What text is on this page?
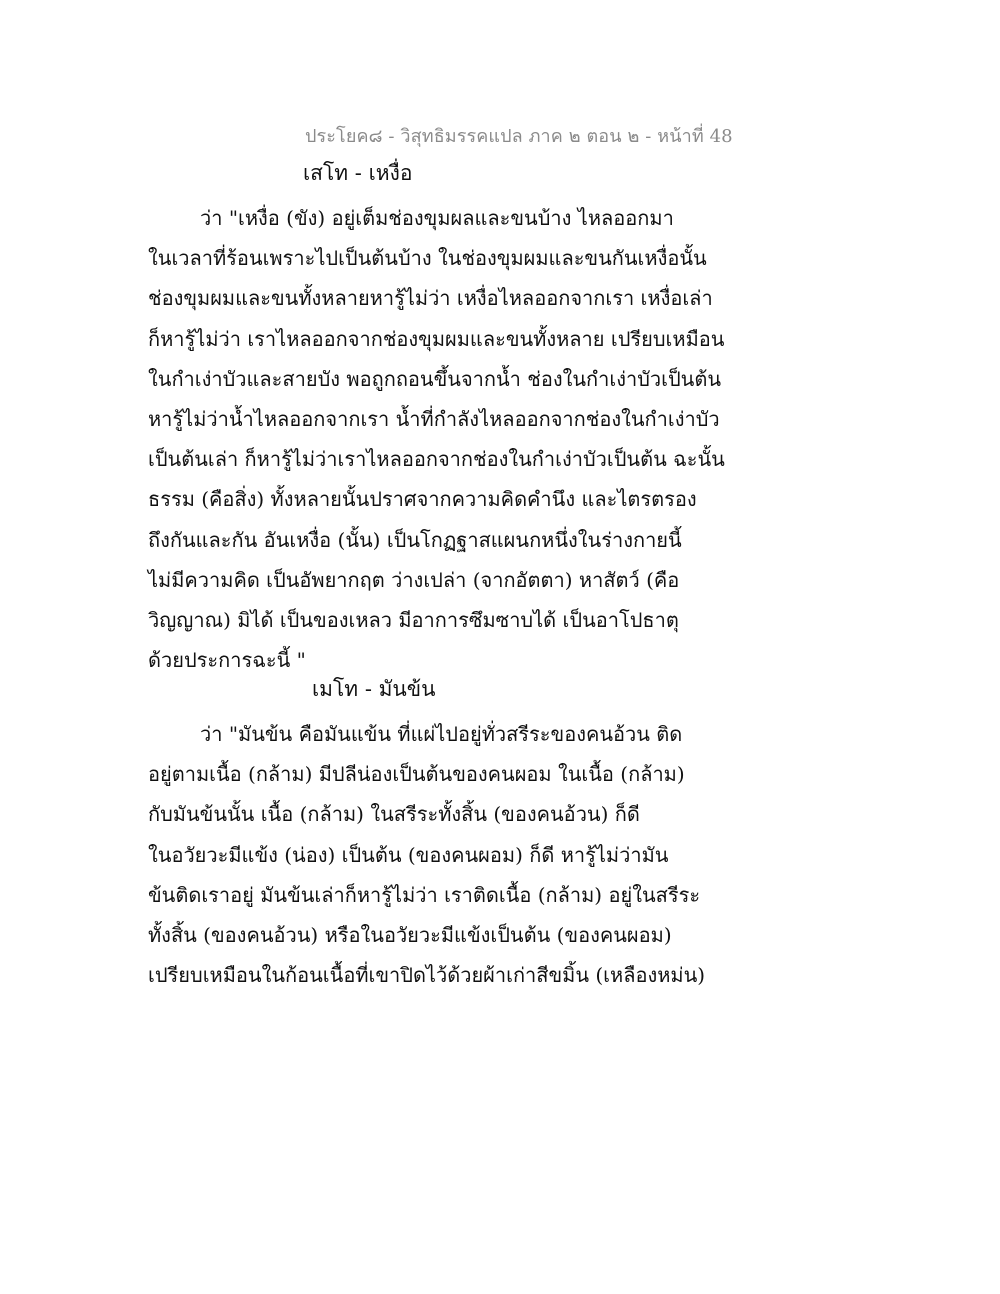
ประโยค๘ - วิสุทธิมรรคแปล ภาค ๒ ตอน ๒ - หน้าที่ 48
เสโท - เหงื่อ
ว่า "เหงื่อ (ขัง) อยู่เต็มช่องขุมผลและขนบ้าง ไหลออกมา
ในเวลาที่ร้อนเพราะไปเป็นต้นบ้าง ในช่องขุมผมและขนกันเหงื่อนั้น
ช่องขุมผมและขนทั้งหลายหารู้ไม่ว่า เหงื่อไหลออกจากเรา เหงื่อเล่า
ก็หารู้ไม่ว่า เราไหลออกจากช่องขุมผมและขนทั้งหลาย เปรียบเหมือน
ในกำเง่าบัวและสายบัง พอถูกถอนขึ้นจากน้ำ ช่องในกำเง่าบัวเป็นต้น
หารู้ไม่ว่าน้ำไหลออกจากเรา น้ำที่กำลังไหลออกจากช่องในกำเง่าบัว
เป็นต้นเล่า ก็หารู้ไม่ว่าเราไหลออกจากช่องในกำเง่าบัวเป็นต้น ฉะนั้น
ธรรม (คือสิ่ง) ทั้งหลายนั้นปราศจากความคิดคำนึง และไตรตรอง
ถึงกันและกัน อันเหงื่อ (นั้น) เป็นโกฏฐาสแผนกหนึ่งในร่างกายนี้
ไม่มีความคิด เป็นอัพยากฤต ว่างเปล่า (จากอัตตา) หาสัตว์ (คือ
วิญญาณ) มิได้ เป็นของเหลว มีอาการซึมซาบได้ เป็นอาโปธาตุ
ด้วยประการฉะนี้ "
เมโท - มันข้น
ว่า "มันข้น คือมันแข้น ที่แผ่ไปอยู่ทั่วสรีระของคนอ้วน ติด
อยู่ตามเนื้อ (กล้าม) มีปลีน่องเป็นต้นของคนผอม ในเนื้อ (กล้าม)
กับมันข้นนั้น เนื้อ (กล้าม) ในสรีระทั้งสิ้น (ของคนอ้วน) ก็ดี
ในอวัยวะมีแข้ง (น่อง) เป็นต้น (ของคนผอม) ก็ดี หารู้ไม่ว่ามัน
ข้นติดเราอยู่ มันข้นเล่าก็หารู้ไม่ว่า เราติดเนื้อ (กล้าม) อยู่ในสรีระ
ทั้งสิ้น (ของคนอ้วน) หรือในอวัยวะมีแข้งเป็นต้น (ของคนผอม)
เปรียบเหมือนในก้อนเนื้อที่เขาปิดไว้ด้วยผ้าเก่าสีขมิ้น (เหลืองหม่น)
